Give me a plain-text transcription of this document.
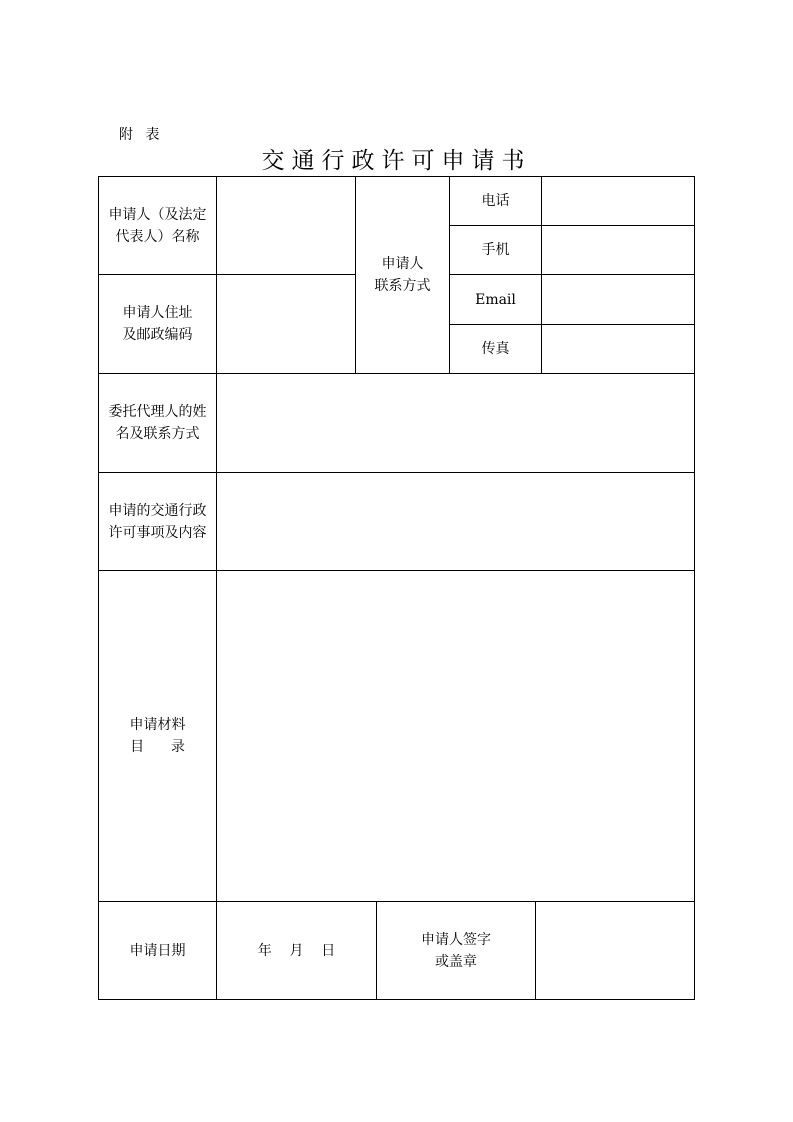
附 表
交通行政许可申请书
申请人（及法定
代表人）名称
申请人住址
及邮政编码
申请人
联系方式
电话
手机
Email
传真
委托代理人的姓
名及联系方式
申请的交通行政
许可事项及内容
申请材料
目      录
申请日期	年    月    日
申请人签字
或盖章
